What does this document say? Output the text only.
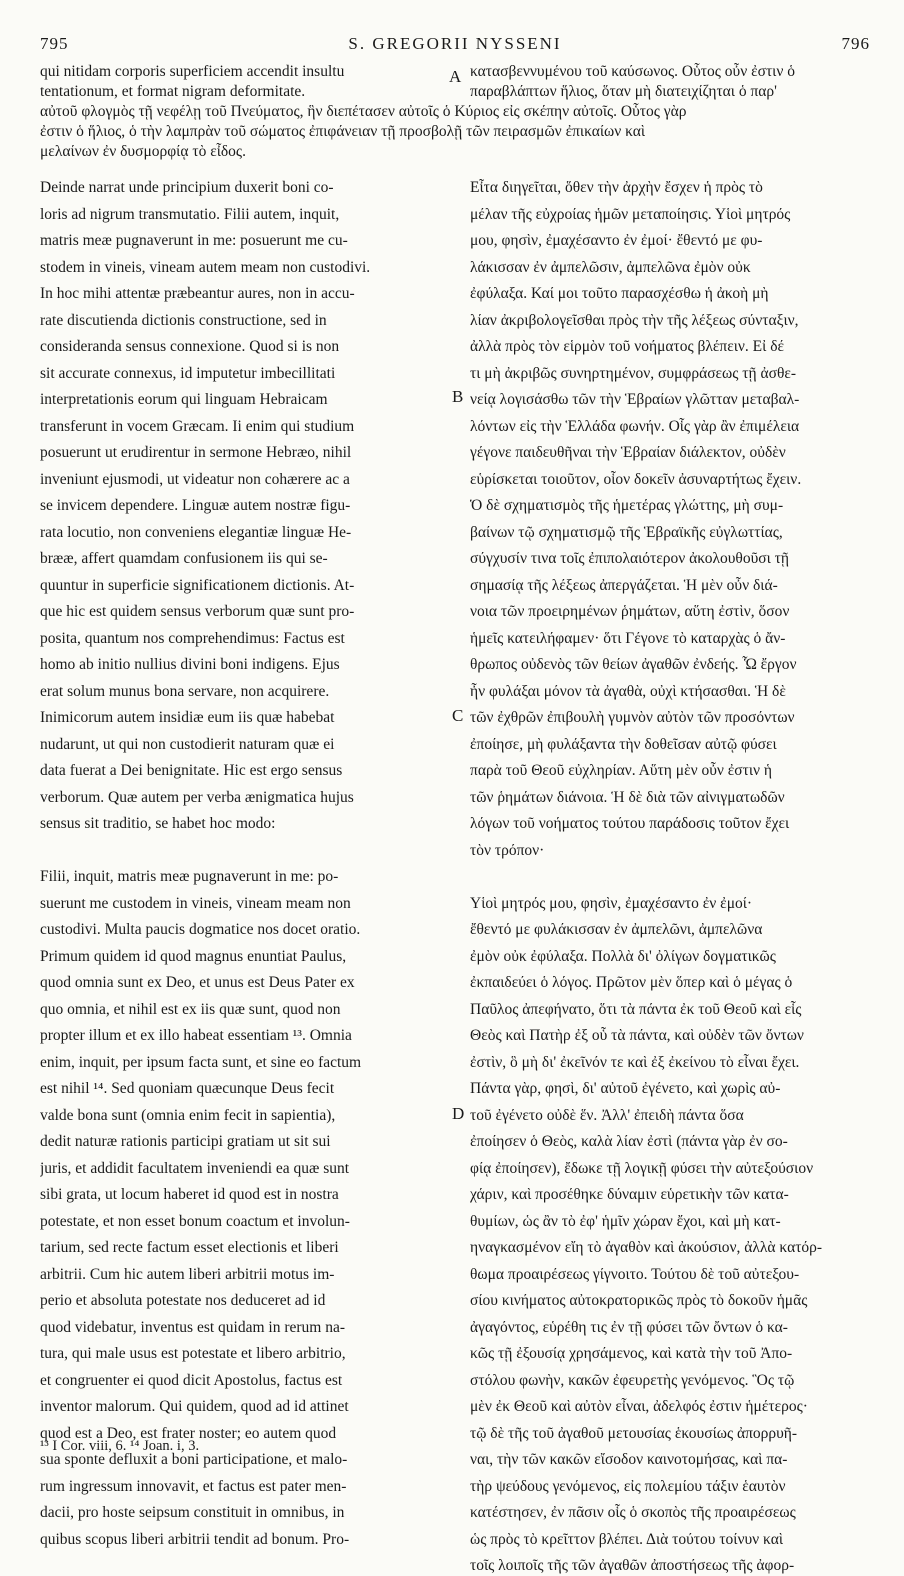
795	S. GREGORII NYSSENI	796
qui nitidam corporis superficiem accendit insultu
tentationum, et format nigram deformitate.
κατασβεννυμένου τοῦ καύσωνος. Οὗτος οὖν ἐστιν ὁ
παραβλάπτων ἥλιος, ὅταν μὴ διατειχίζηται ὁ παρ'
αὐτοῦ φλογμὸς τῇ νεφέλῃ τοῦ Πνεύματος, ἣν διεπέτασεν αὐτοῖς ὁ Κύριος εἰς σκέπην αὐτοῖς. Οὗτος γὰρ
ἐστιν ὁ ἥλιος, ὁ τὴν λαμπρὰν τοῦ σώματος ἐπιφάνειαν τῇ προσβολῇ τῶν πειρασμῶν ἐπικαίων καὶ
μελαίνων ἐν δυσμορφίᾳ τὸ εἶδος.
Deinde narrat unde principium duxerit boni co-
loris ad nigrum transmutatio. Filii autem, inquit,
matris meæ pugnaverunt in me: posuerunt me cu-
stodem in vineis, vineam autem meam non custodivi.
In hoc mihi attentæ præbeantur aures, non in accu-
rate discutienda dictionis constructione, sed in
consideranda sensus connexione. Quod si is non
sit accurate connexus, id imputetur imbecillitati
interpretationis eorum qui linguam Hebraicam
transferunt in vocem Græcam. Ii enim qui studium
posuerunt ut erudirentur in sermone Hebræo, nihil
inveniunt ejusmodi, ut videatur non cohærere ac a
se invicem dependere. Linguæ autem nostræ figu-
rata locutio, non conveniens elegantiæ linguæ He-
brææ, affert quamdam confusionem iis qui se-
quuntur in superficie significationem dictionis. At-
que hic est quidem sensus verborum quæ sunt pro-
posita, quantum nos comprehendimus: Factus est
homo ab initio nullius divini boni indigens. Ejus
erat solum munus bona servare, non acquirere.
Inimicorum autem insidiæ eum iis quæ habebat
nudarunt, ut qui non custodierit naturam quæ ei
data fuerat a Dei benignitate. Hic est ergo sensus
verborum. Quæ autem per verba ænigmatica hujus
sensus sit traditio, se habet hoc modo:
Filii, inquit, matris meæ pugnaverunt in me: po-
suerunt me custodem in vineis, vineam meam non
custodivi. Multa paucis dogmatice nos docet oratio.
Primum quidem id quod magnus enuntiat Paulus,
quod omnia sunt ex Deo, et unus est Deus Pater ex
quo omnia, et nihil est ex iis quæ sunt, quod non
propter illum et ex illo habeat essentiam ¹³. Omnia
enim, inquit, per ipsum facta sunt, et sine eo factum
est nihil ¹⁴. Sed quoniam quæcunque Deus fecit
valde bona sunt (omnia enim fecit in sapientia),
dedit naturæ rationis participi gratiam ut sit sui
juris, et addidit facultatem inveniendi ea quæ sunt
sibi grata, ut locum haberet id quod est in nostra
potestate, et non esset bonum coactum et involun-
tarium, sed recte factum esset electionis et liberi
arbitrii. Cum hic autem liberi arbitrii motus im-
perio et absoluta potestate nos deduceret ad id
quod videbatur, inventus est quidam in rerum na-
tura, qui male usus est potestate et libero arbitrio,
et congruenter ei quod dicit Apostolus, factus est
inventor malorum. Qui quidem, quod ad id attinet
quod est a Deo, est frater noster; eo autem quod
sua sponte defluxit a boni participatione, et malo-
rum ingressum innovavit, et factus est pater men-
dacii, pro hoste seipsum constituit in omnibus, in
quibus scopus liberi arbitrii tendit ad bonum. Pro-
Εἶτα διηγεῖται, ὅθεν τὴν ἀρχὴν ἔσχεν ἡ πρὸς τὸ
μέλαν τῆς εὐχροίας ἡμῶν μεταποίησις. Υἱοὶ μητρός
μου, φησὶν, ἐμαχέσαντο ἐν ἐμοί· ἔθεντό με φυ-
λάκισσαν ἐν ἀμπελῶσιν, ἀμπελῶνα ἐμὸν οὐκ
ἐφύλαξα. Καί μοι τοῦτο παρασχέσθω ἡ ἀκοὴ μὴ
λίαν ἀκριβολογεῖσθαι πρὸς τὴν τῆς λέξεως σύνταξιν,
ἀλλὰ πρὸς τὸν εἱρμὸν τοῦ νοήματος βλέπειν. Εἰ δέ
τι μὴ ἀκριβῶς συνηρτημένον, συμφράσεως τῇ ἀσθε-
νείᾳ λογισάσθω τῶν τὴν Ἑβραίων γλῶτταν μεταβαλ-
λόντων εἰς τὴν Ἑλλάδα φωνήν. Οἷς γὰρ ἂν ἐπιμέλεια
γέγονε παιδευθῆναι τὴν Ἑβραίαν διάλεκτον, οὐδὲν
εὑρίσκεται τοιοῦτον, οἷον δοκεῖν ἀσυναρτήτως ἔχειν.
Ὁ δὲ σχηματισμὸς τῆς ἡμετέρας γλώττης, μὴ συμ-
βαίνων τῷ σχηματισμῷ τῆς Ἑβραϊκῆς εὐγλωττίας,
σύγχυσίν τινα τοῖς ἐπιπολαιότερον ἀκολουθοῦσι τῇ
σημασίᾳ τῆς λέξεως ἀπεργάζεται. Ἡ μὲν οὖν διά-
νοια τῶν προειρημένων ῥημάτων, αὕτη ἐστὶν, ὅσον
ἡμεῖς κατειλήφαμεν· ὅτι Γέγονε τὸ καταρχὰς ὁ ἄν-
θρωπος οὐδενὸς τῶν θείων ἀγαθῶν ἐνδεής. Ὧ ἔργον
ἦν φυλάξαι μόνον τὰ ἀγαθὰ, οὐχὶ κτήσασθαι. Ἡ δὲ
τῶν ἐχθρῶν ἐπιβουλὴ γυμνὸν αὐτὸν τῶν προσόντων
ἐποίησε, μὴ φυλάξαντα τὴν δοθεῖσαν αὐτῷ φύσει
παρὰ τοῦ Θεοῦ εὐχληρίαν. Αὕτη μὲν οὖν ἐστιν ἡ
τῶν ῥημάτων διάνοια. Ἡ δὲ διὰ τῶν αἰνιγματωδῶν
λόγων τοῦ νοήματος τούτου παράδοσις τοῦτον ἔχει
τὸν τρόπον·
Υἱοὶ μητρός μου, φησὶν, ἐμαχέσαντο ἐν ἐμοί·
ἔθεντό με φυλάκισσαν ἐν ἀμπελῶνι, ἀμπελῶνα
ἐμὸν οὐκ ἐφύλαξα. Πολλὰ δι' ὀλίγων δογματικῶς
ἐκπαιδεύει ὁ λόγος. Πρῶτον μὲν ὅπερ καὶ ὁ μέγας ὁ
Παῦλος ἀπεφήνατο, ὅτι τὰ πάντα ἐκ τοῦ Θεοῦ καὶ εἷς
Θεὸς καὶ Πατὴρ ἐξ οὗ τὰ πάντα, καὶ οὐδὲν τῶν ὄντων
ἐστὶν, ὃ μὴ δι' ἐκεῖνόν τε καὶ ἐξ ἐκείνου τὸ εἶναι ἔχει.
Πάντα γὰρ, φησὶ, δι' αὐτοῦ ἐγένετο, καὶ χωρὶς αὐ-
τοῦ ἐγένετο οὐδὲ ἕν. Ἀλλ' ἐπειδὴ πάντα ὅσα
ἐποίησεν ὁ Θεὸς, καλὰ λίαν ἐστὶ (πάντα γὰρ ἐν σο-
φίᾳ ἐποίησεν), ἔδωκε τῇ λογικῇ φύσει τὴν αὐτεξούσιον
χάριν, καὶ προσέθηκε δύναμιν εὑρετικὴν τῶν κατα-
θυμίων, ὡς ἂν τὸ ἐφ' ἡμῖν χώραν ἔχοι, καὶ μὴ κατ-
ηναγκασμένον εἴη τὸ ἀγαθὸν καὶ ἀκούσιον, ἀλλὰ κατόρ-
θωμα προαιρέσεως γίγνοιτο. Τούτου δὲ τοῦ αὐτεξου-
σίου κινήματος αὐτοκρατορικῶς πρὸς τὸ δοκοῦν ἡμᾶς
ἀγαγόντος, εὑρέθη τις ἐν τῇ φύσει τῶν ὄντων ὁ κα-
κῶς τῇ ἐξουσίᾳ χρησάμενος, καὶ κατὰ τὴν τοῦ Ἀπο-
στόλου φωνὴν, κακῶν ἐφευρετὴς γενόμενος. Ὃς τῷ
μὲν ἐκ Θεοῦ καὶ αὐτὸν εἶναι, ἀδελφός ἐστιν ἡμέτερος·
τῷ δὲ τῆς τοῦ ἀγαθοῦ μετουσίας ἑκουσίως ἀπορρυῆ-
ναι, τὴν τῶν κακῶν εἴσοδον καινοτομήσας, καὶ πα-
τὴρ ψεύδους γενόμενος, εἰς πολεμίου τάξιν ἑαυτὸν
κατέστησεν, ἐν πᾶσιν οἷς ὁ σκοπὸς τῆς προαιρέσεως
ὡς πρὸς τὸ κρεῖττον βλέπει. Διὰ τούτου τοίνυν καὶ
τοῖς λοιποῖς τῆς τῶν ἀγαθῶν ἀποστήσεως τῆς ἀφορ-
A
B
C
D
¹³ I Cor. viii, 6. ¹⁴ Joan. i, 3.
